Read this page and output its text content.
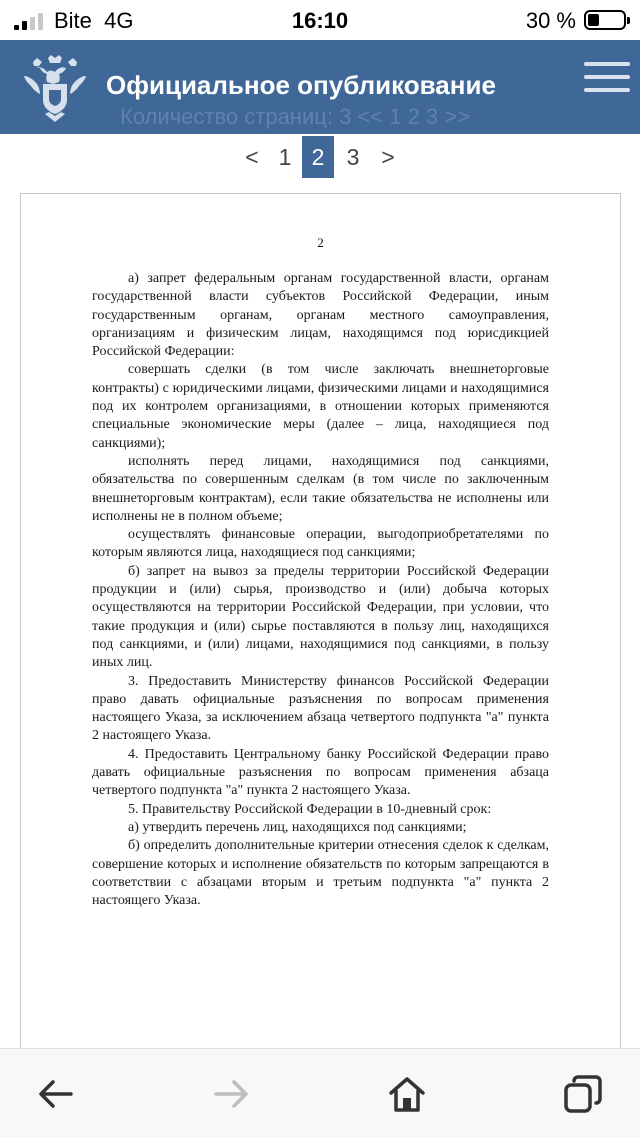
Bite 4G	16:10	30 %
Количество страниц: 3 << 1 2 3 >>
Официальное опубликование
< 1 2 3 >
2

а) запрет федеральным органам государственной власти, органам государственной власти субъектов Российской Федерации, иным государственным органам, органам местного самоуправления, организациям и физическим лицам, находящимся под юрисдикцией Российской Федерации:

совершать сделки (в том числе заключать внешнеторговые контракты) с юридическими лицами, физическими лицами и находящимися под их контролем организациями, в отношении которых применяются специальные экономические меры (далее – лица, находящиеся под санкциями);

исполнять перед лицами, находящимися под санкциями, обязательства по совершенным сделкам (в том числе по заключенным внешнеторговым контрактам), если такие обязательства не исполнены или исполнены не в полном объеме;

осуществлять финансовые операции, выгодоприобретателями по которым являются лица, находящиеся под санкциями;

б) запрет на вывоз за пределы территории Российской Федерации продукции и (или) сырья, производство и (или) добыча которых осуществляются на территории Российской Федерации, при условии, что такие продукция и (или) сырье поставляются в пользу лиц, находящихся под санкциями, и (или) лицами, находящимися под санкциями, в пользу иных лиц.

3. Предоставить Министерству финансов Российской Федерации право давать официальные разъяснения по вопросам применения настоящего Указа, за исключением абзаца четвертого подпункта "а" пункта 2 настоящего Указа.

4. Предоставить Центральному банку Российской Федерации право давать официальные разъяснения по вопросам применения абзаца четвертого подпункта "а" пункта 2 настоящего Указа.

5. Правительству Российской Федерации в 10-дневный срок:

а) утвердить перечень лиц, находящихся под санкциями;

б) определить дополнительные критерии отнесения сделок к сделкам, совершение которых и исполнение обязательств по которым запрещаются в соответствии с абзацами вторым и третьим подпункта "а" пункта 2 настоящего Указа.
